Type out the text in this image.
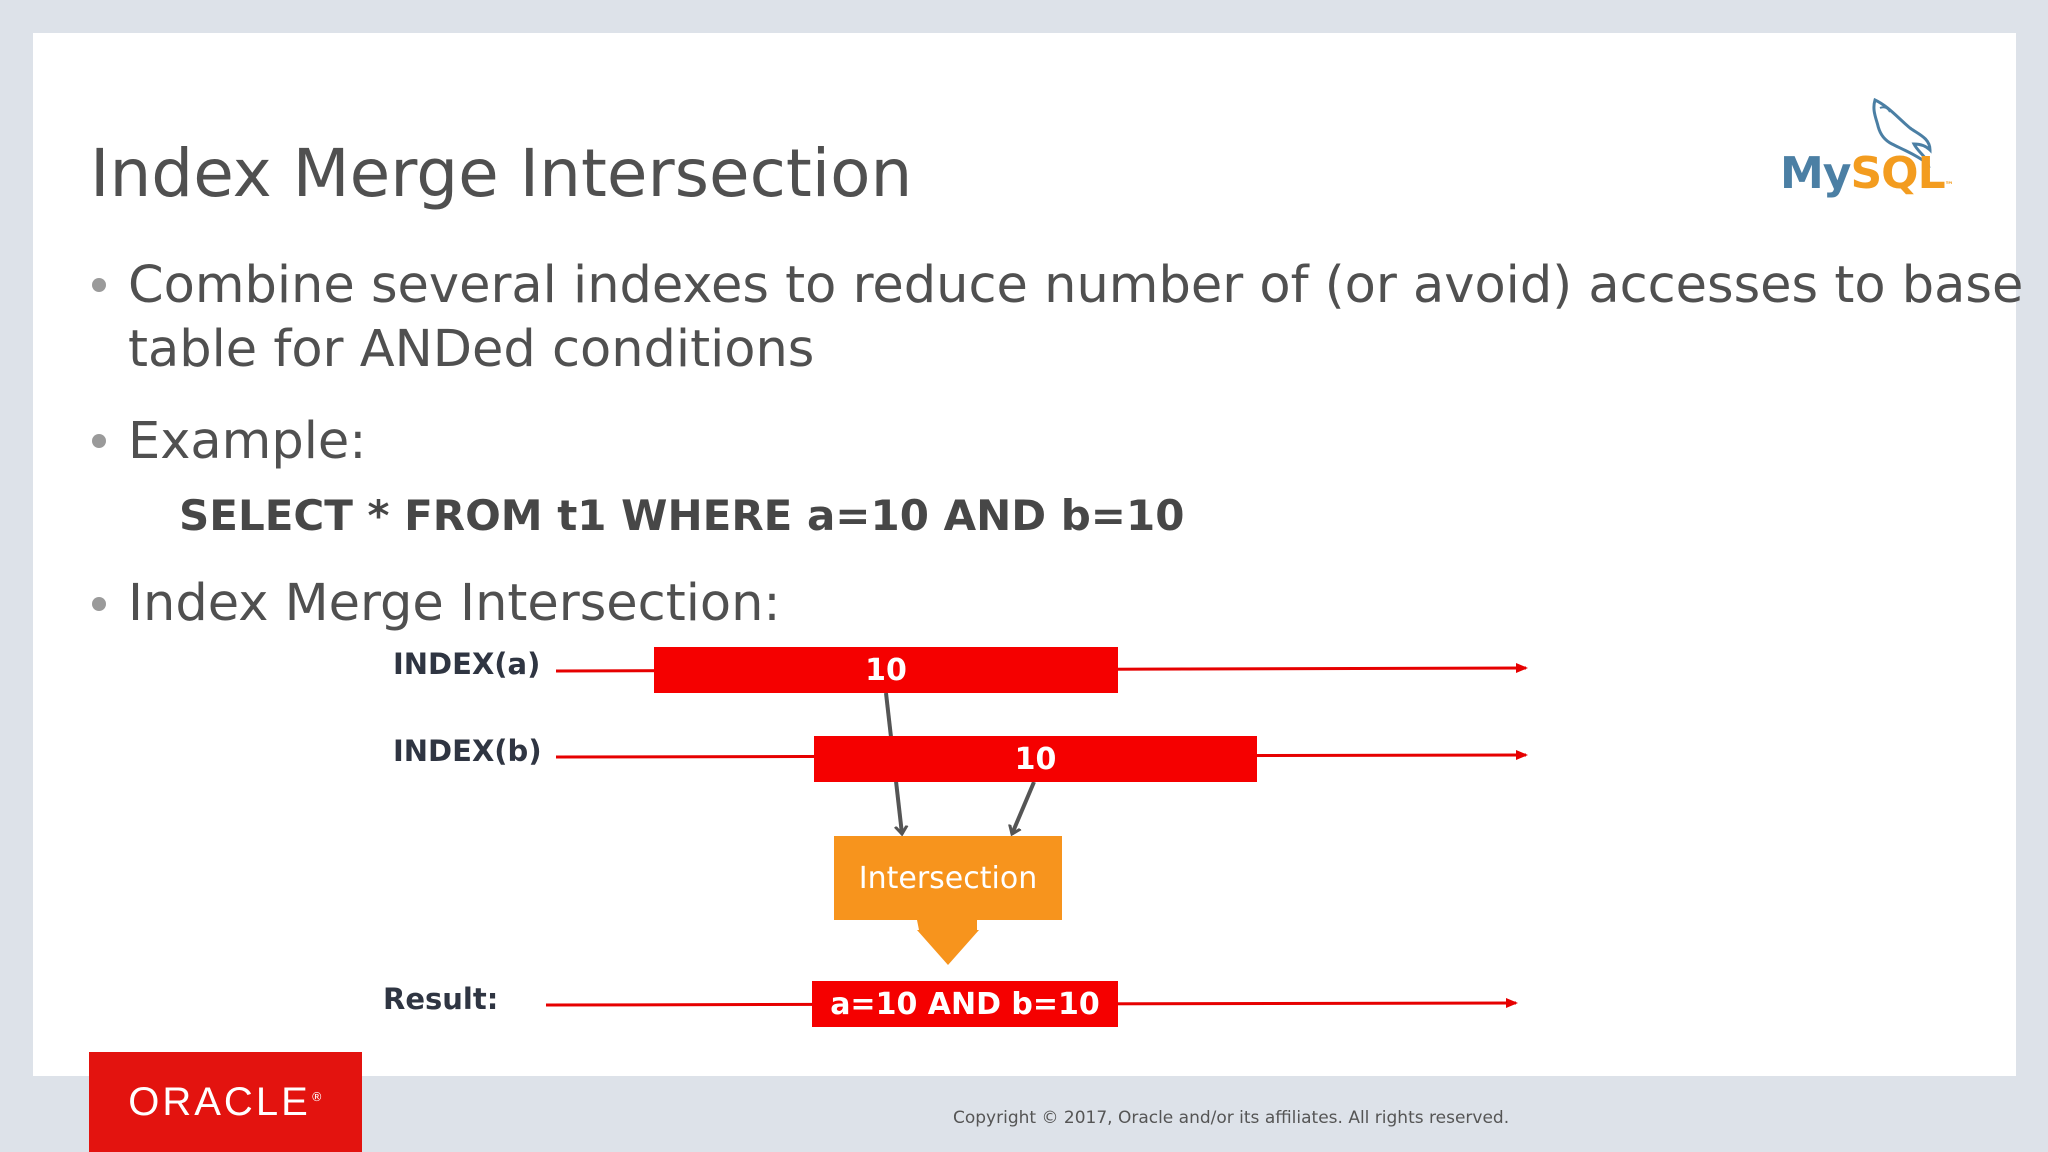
Index Merge Intersection	MySQL™
Combine several indexes to reduce number of (or avoid) accesses to base
table for ANDed conditions
Example:
SELECT * FROM t1 WHERE a=10 AND b=10
Index Merge Intersection:
INDEX(a)
INDEX(b)
Result:
10
10
Intersection
a=10 AND b=10
ORACLE ®
Copyright © 2017, Oracle and/or its affiliates. All rights reserved.
